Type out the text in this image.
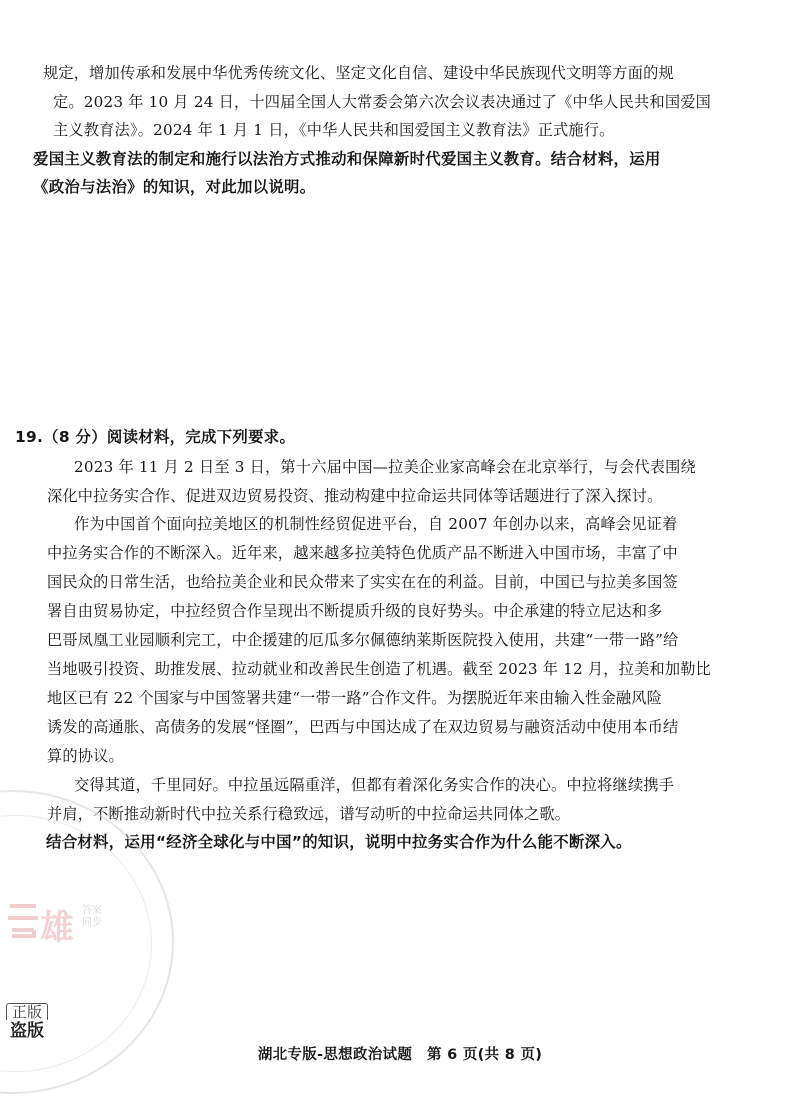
规定，增加传承和发展中华优秀传统文化、坚定文化自信、建设中华民族现代文明等方面的规
定。2023 年 10 月 24 日，十四届全国人大常委会第六次会议表决通过了《中华人民共和国爱国
主义教育法》。2024 年 1 月 1 日，《中华人民共和国爱国主义教育法》正式施行。
爱国主义教育法的制定和施行以法治方式推动和保障新时代爱国主义教育。结合材料，运用
《政治与法治》的知识，对此加以说明。
19.（8 分）阅读材料，完成下列要求。
2023 年 11 月 2 日至 3 日，第十六届中国—拉美企业家高峰会在北京举行，与会代表围绕
深化中拉务实合作、促进双边贸易投资、推动构建中拉命运共同体等话题进行了深入探讨。
作为中国首个面向拉美地区的机制性经贸促进平台，自 2007 年创办以来，高峰会见证着
中拉务实合作的不断深入。近年来，越来越多拉美特色优质产品不断进入中国市场，丰富了中
国民众的日常生活，也给拉美企业和民众带来了实实在在的利益。目前，中国已与拉美多国签
署自由贸易协定，中拉经贸合作呈现出不断提质升级的良好势头。中企承建的特立尼达和多
巴哥凤凰工业园顺利完工，中企援建的厄瓜多尔佩德纳莱斯医院投入使用，共建“一带一路”给
当地吸引投资、助推发展、拉动就业和改善民生创造了机遇。截至 2023 年 12 月，拉美和加勒比
地区已有 22 个国家与中国签署共建“一带一路”合作文件。为摆脱近年来由输入性金融风险
诱发的高通胀、高债务的发展“怪圈”，巴西与中国达成了在双边贸易与融资活动中使用本币结
算的协议。
交得其道，千里同好。中拉虽远隔重洋，但都有着深化务实合作的决心。中拉将继续携手
并肩，不断推动新时代中拉关系行稳致远，谱写动听的中拉命运共同体之歌。
结合材料，运用“经济全球化与中国”的知识，说明中拉务实合作为什么能不断深入。
雄 答案
同步
正版
盗版
湖北专版-思想政治试题　第 6 页(共 8 页)
